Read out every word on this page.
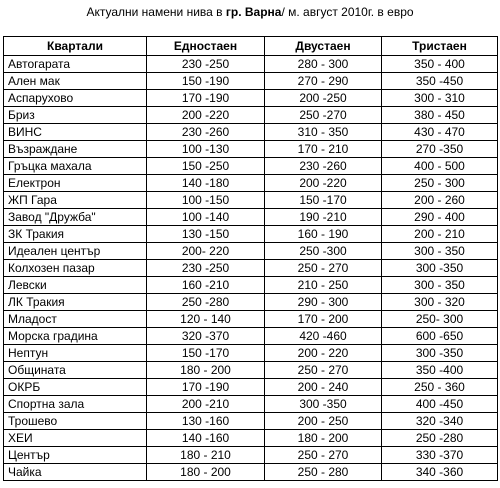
Актуални намени нива в гр. Варна/ м. август 2010г. в евро
Квартали	Едностаен	Двустаен	Тристаен
Автогарата	230 -250	280 - 300	350 - 400
Ален мак	150 -190	270 - 290	350 -450
Аспарухово	170 -190	200 -250	300 - 310
Бриз	200 -220	250 -270	380 - 450
ВИНС	230 -260	310 - 350	430 - 470
Възраждане	100 -130	170 - 210	270 -350
Гръцка махала	150 -250	230 -260	400 - 500
Електрон	140 -180	200 -220	250 - 300
ЖП Гара	100 -150	150 -170	200 - 260
Завод "Дружба"	100 -140	190 -210	290 - 400
ЗК Тракия	130 -150	160 - 190	200 - 210
Идеален център	200- 220	250 -300	300 - 350
Колхозен пазар	230 -250	250 - 270	300 -350
Левски	160 -210	210 - 250	300 - 350
ЛК Тракия	250 -280	290 - 300	300 - 320
Младост	120 - 140	170 - 200	250- 300
Морска градина	320 -370	420 -460	600 -650
Нептун	150 -170	200 - 220	300 -350
Общината	180 - 200	250 - 270	350 -400
ОКРБ	170 -190	200 - 240	250 - 360
Спортна зала	200 -210	300 -350	400 -450
Трошево	130 -160	200 - 250	320 -340
ХЕИ	140 -160	180 - 200	250 -280
Център	180 - 210	250 - 270	330 -370
Чайка	180 - 200	250 - 280	340 -360
